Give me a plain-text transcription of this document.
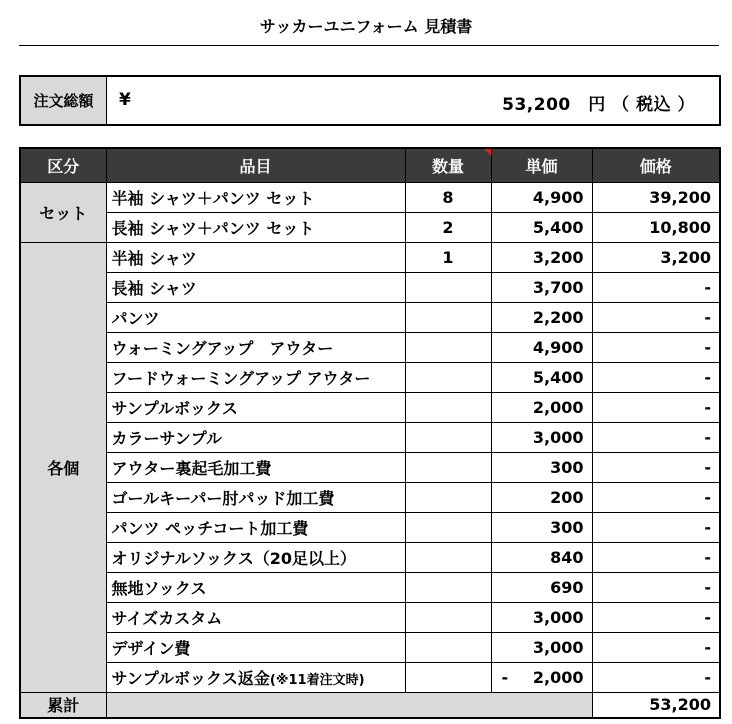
サッカーユニフォーム 見積書
注文総額	¥	53,200　円 （ 税込 ）
区分	品目	数量	単価	価格
セット	半袖 シャツ＋パンツ セット	8	4,900	39,200
	長袖 シャツ＋パンツ セット	2	5,400	10,800
各個	半袖 シャツ	1	3,200	3,200
	長袖 シャツ		3,700	-
	パンツ		2,200	-
	ウォーミングアップ　アウター		4,900	-
	フードウォーミングアップ アウター		5,400	-
	サンプルボックス		2,000	-
	カラーサンプル		3,000	-
	アウター裏起毛加工費		300	-
	ゴールキーパー肘パッド加工費		200	-
	パンツ ペッチコート加工費		300	-
	オリジナルソックス（20足以上）		840	-
	無地ソックス		690	-
	サイズカスタム		3,000	-
	デザイン費		3,000	-
	サンプルボックス返金(※11着注文時)		- 2,000	-
累計				53,200
